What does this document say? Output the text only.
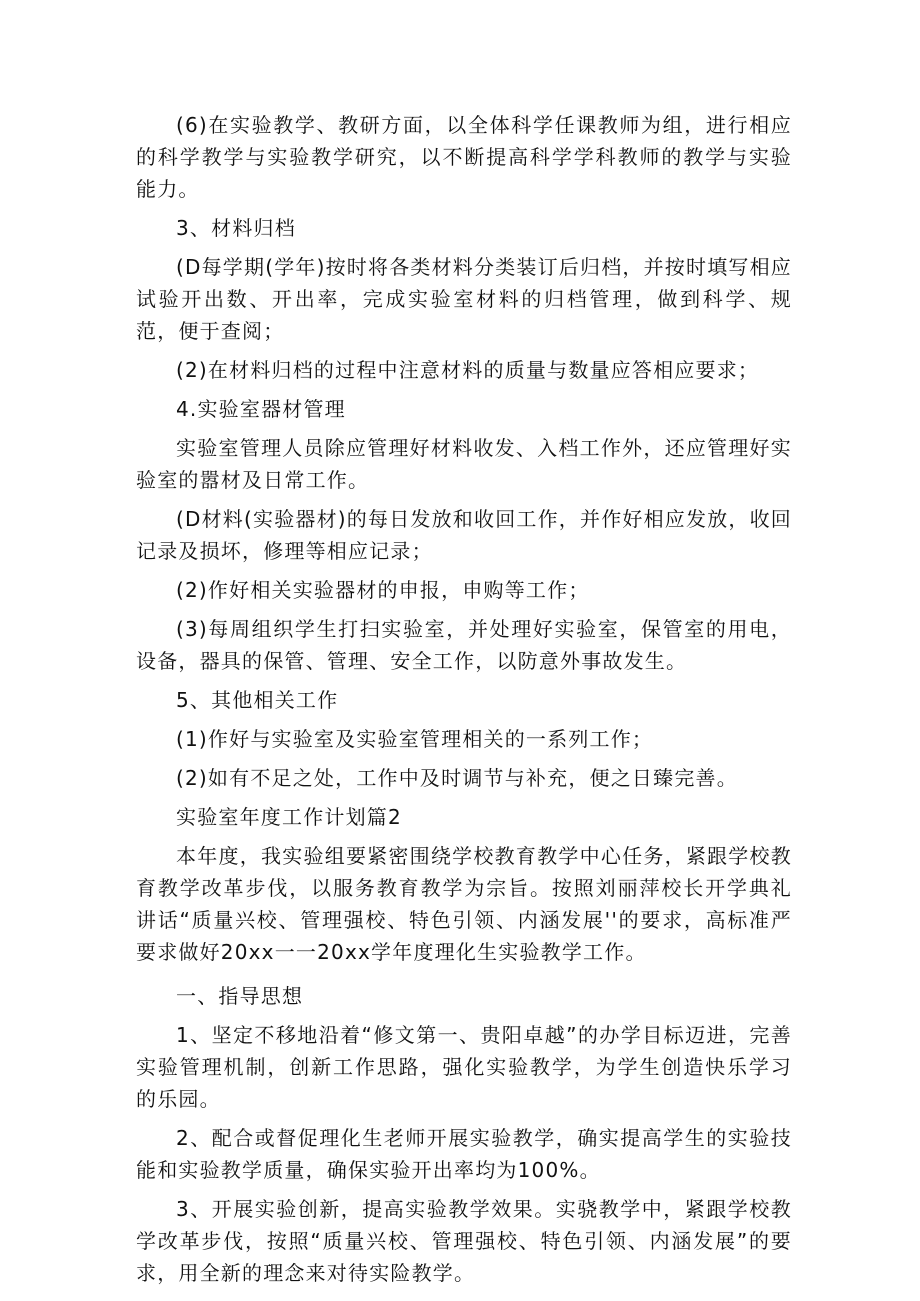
(6)在实验教学、教研方面，以全体科学任课教师为组，进行相应的科学教学与实验教学研究，以不断提高科学学科教师的教学与实验能力。

3、材料归档

(D每学期(学年)按时将各类材料分类装订后归档，并按时填写相应试验开出数、开出率，完成实验室材料的归档管理，做到科学、规范，便于查阅；

(2)在材料归档的过程中注意材料的质量与数量应答相应要求；

4.实验室器材管理

实验室管理人员除应管理好材料收发、入档工作外，还应管理好实验室的嚣材及日常工作。

(D材料(实验器材)的每日发放和收回工作，并作好相应发放，收回记录及损坏，修理等相应记录；

(2)作好相关实验器材的申报，申购等工作；

(3)每周组织学生打扫实验室，并处理好实验室，保管室的用电，设备，器具的保管、管理、安全工作，以防意外事故发生。

5、其他相关工作

(1)作好与实验室及实验室管理相关的一系列工作；

(2)如有不足之处，工作中及时调节与补充，便之日臻完善。

实验室年度工作计划篇2

本年度，我实验组要紧密围绕学校教育教学中心任务，紧跟学校教育教学改革步伐，以服务教育教学为宗旨。按照刘丽萍校长开学典礼讲话“质量兴校、管理强校、特色引领、内涵发展''的要求，高标准严要求做好20xx一一20xx学年度理化生实验教学工作。

一、指导思想

1、坚定不移地沿着“修文第一、贵阳卓越”的办学目标迈进，完善实验管理机制，创新工作思路，强化实验教学，为学生创造快乐学习的乐园。

2、配合或督促理化生老师开展实验教学，确实提高学生的实验技能和实验教学质量，确保实验开出率均为100%。

3、开展实验创新，提高实验教学效果。实骁教学中，紧跟学校教学改革步伐，按照“质量兴校、管理强校、特色引领、内涵发展”的要求，用全新的理念来对待实险教学。
